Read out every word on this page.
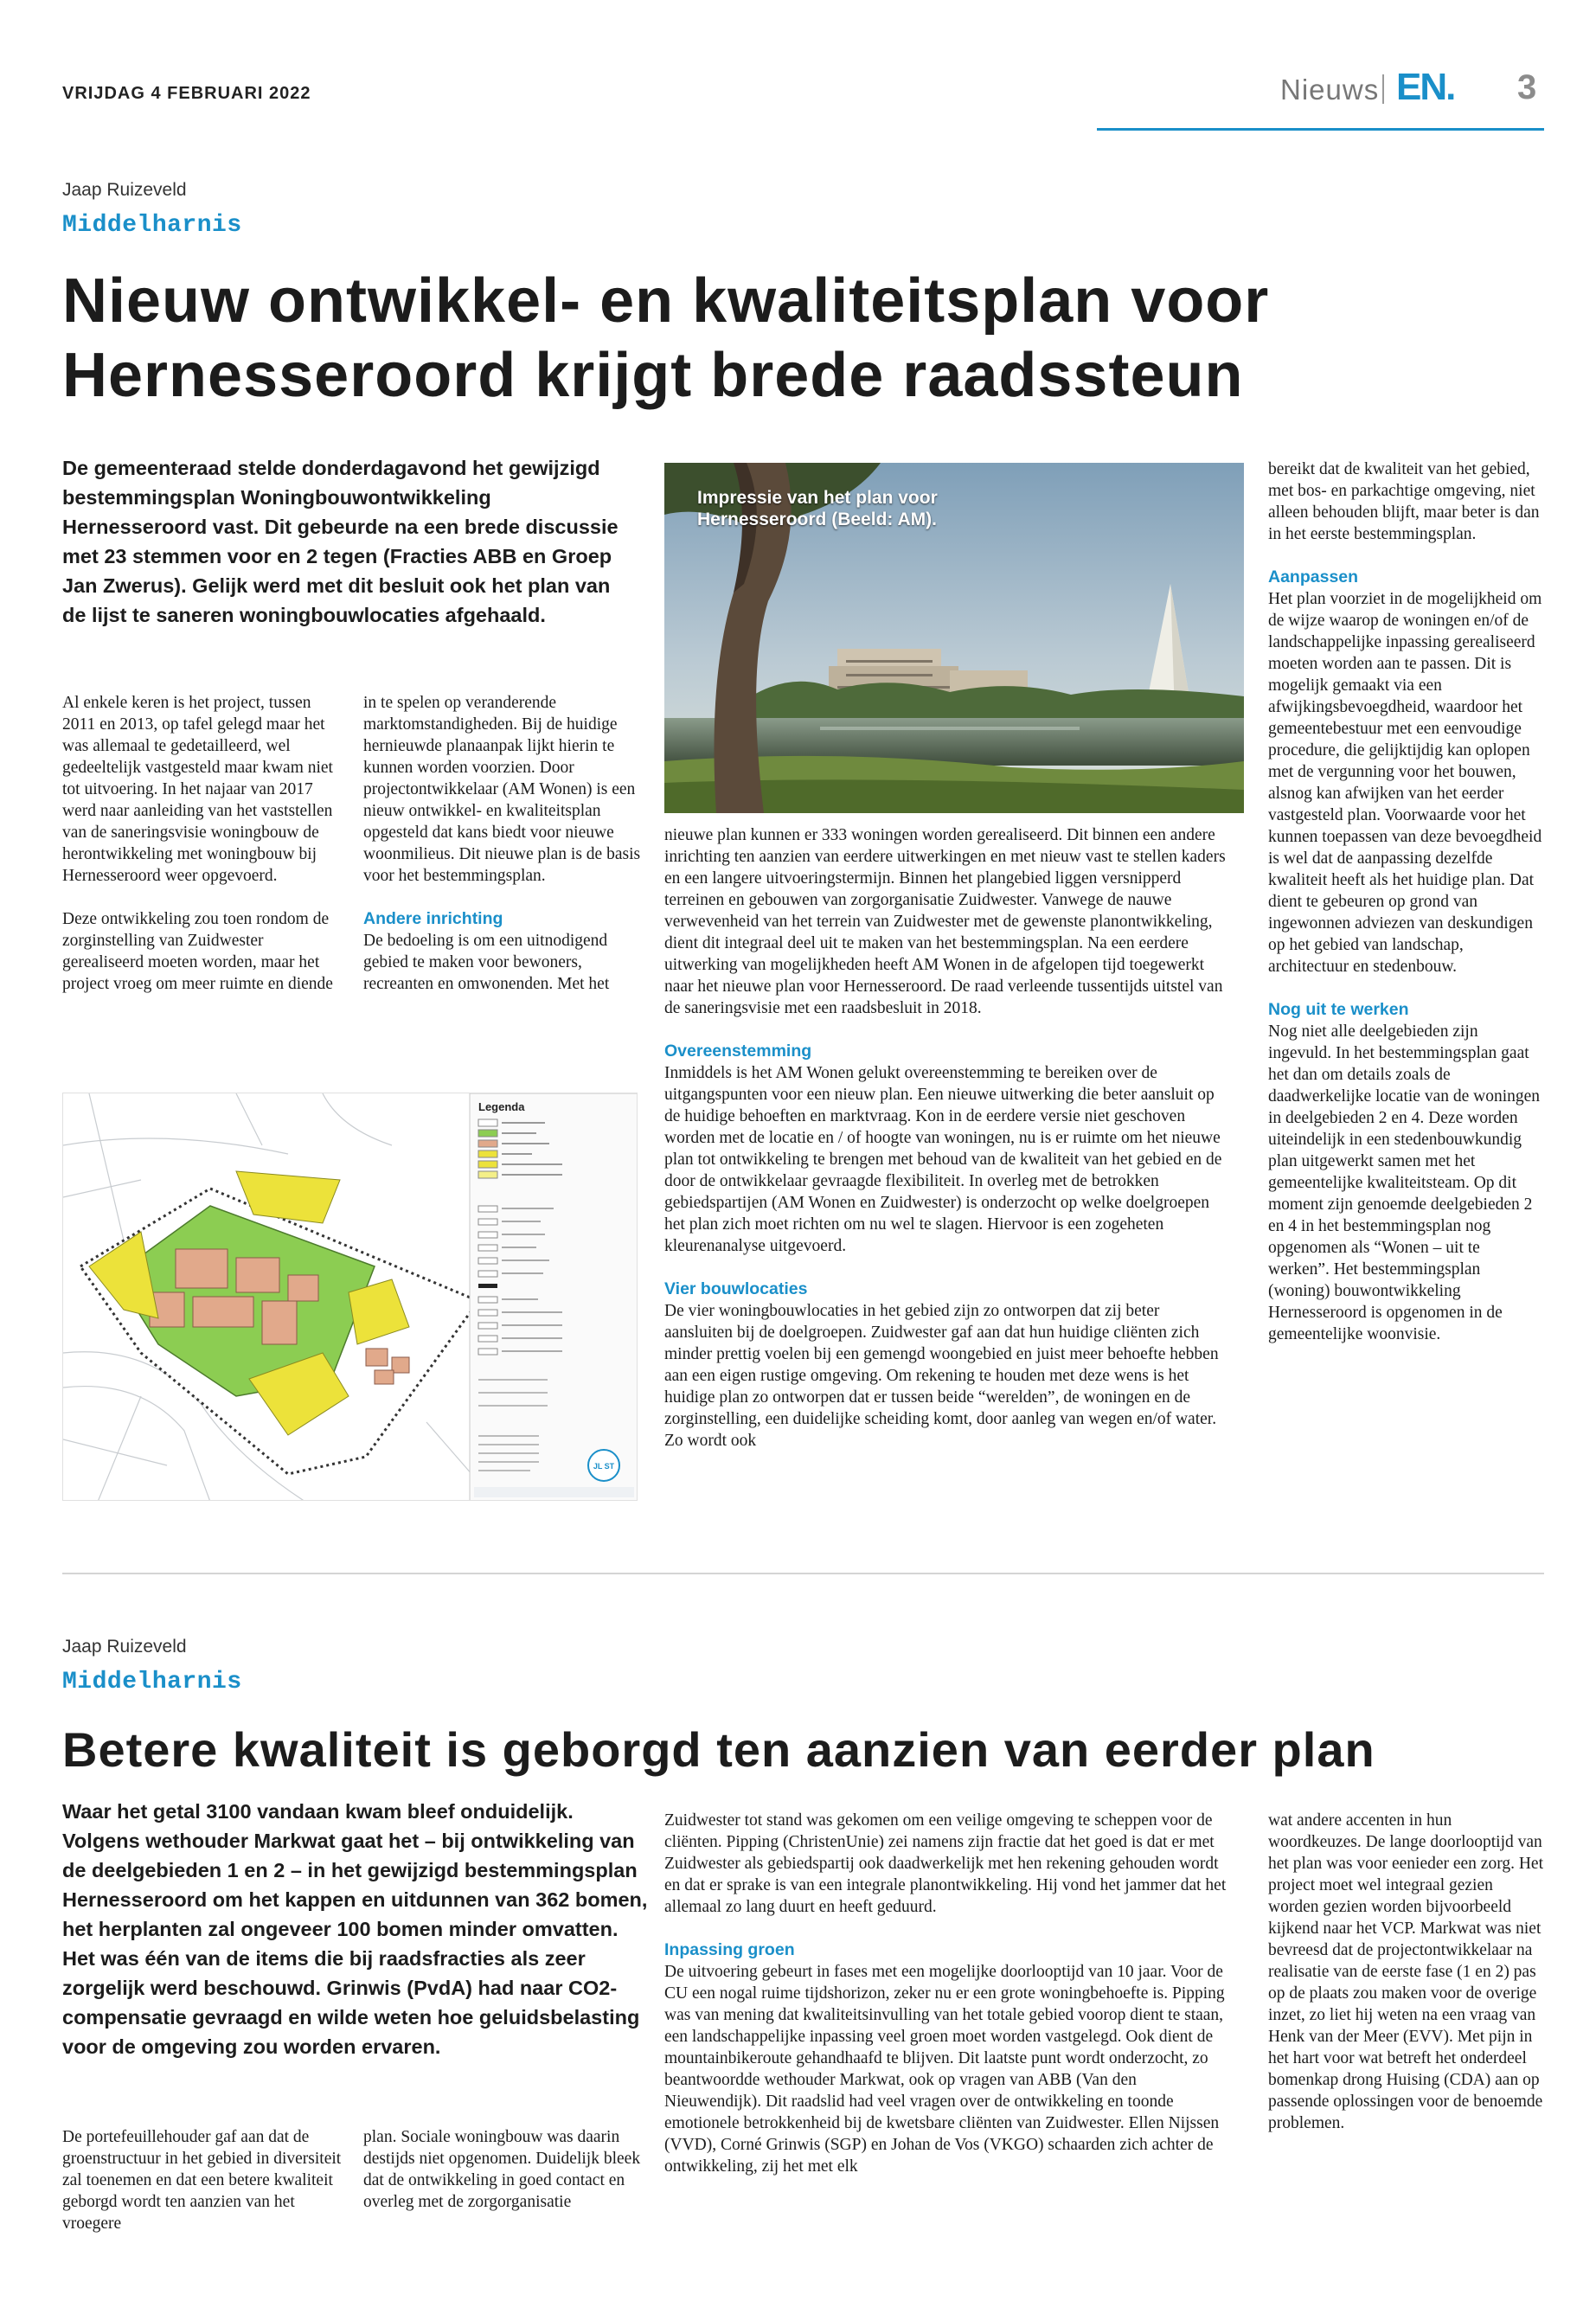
VRIJDAG 4 FEBRUARI 2022	Nieuws EN. 3
Jaap Ruizeveld
Middelharnis
Nieuw ontwikkel- en kwaliteitsplan voor
Hernesseroord krijgt brede raadssteun
De gemeenteraad stelde donderdagavond het gewijzigd bestemmingsplan Woningbouwontwikkeling Hernesseroord vast. Dit gebeurde na een brede discussie met 23 stemmen voor en 2 tegen (Fracties ABB en Groep Jan Zwerus). Gelijk werd met dit besluit ook het plan van de lijst te saneren woningbouwlocaties afgehaald.

Al enkele keren is het project, tussen 2011 en 2013, op tafel gelegd maar het was allemaal te gedetailleerd, wel gedeeltelijk vastgesteld maar kwam niet tot uitvoering. In het najaar van 2017 werd naar aanleiding van het vaststellen van de saneringsvisie woningbouw de herontwikkeling met woningbouw bij Hernesseroord weer opgevoerd.

Deze ontwikkeling zou toen rondom de zorginstelling van Zuidwester gerealiseerd moeten worden, maar het project vroeg om meer ruimte en diende

in te spelen op veranderende marktomstandigheden. Bij de huidige hernieuwde planaanpak lijkt hierin te kunnen worden voorzien. Door projectontwikkelaar (AM Wonen) is een nieuw ontwikkel- en kwaliteitsplan opgesteld dat kans biedt voor nieuwe woonmilieus. Dit nieuwe plan is de basis voor het bestemmingsplan.

Andere inrichting

De bedoeling is om een uitnodigend gebied te maken voor bewoners, recreanten en omwonenden. Met het

Impressie van het plan voor Hernesseroord (Beeld: AM).
Legenda
JL ST

nieuwe plan kunnen er 333 woningen worden gerealiseerd. Dit binnen een andere inrichting ten aanzien van eerdere uitwerkingen en met nieuw vast te stellen kaders en een langere uitvoeringstermijn. Binnen het plangebied liggen versnipperd terreinen en gebouwen van zorgorganisatie Zuidwester. Vanwege de nauwe verwevenheid van het terrein van Zuidwester met de gewenste planontwikkeling, dient dit integraal deel uit te maken van het bestemmingsplan. Na een eerdere uitwerking van mogelijkheden heeft AM Wonen in de afgelopen tijd toegewerkt naar het nieuwe plan voor Hernesseroord. De raad verleende tussentijds uitstel van de saneringsvisie met een raadsbesluit in 2018.

Overeenstemming

Inmiddels is het AM Wonen gelukt overeenstemming te bereiken over de uitgangspunten voor een nieuw plan. Een nieuwe uitwerking die beter aansluit op de huidige behoeften en marktvraag. Kon in de eerdere versie niet geschoven worden met de locatie en / of hoogte van woningen, nu is er ruimte om het nieuwe plan tot ontwikkeling te brengen met behoud van de kwaliteit van het gebied en de door de ontwikkelaar gevraagde flexibiliteit. In overleg met de betrokken gebiedspartijen (AM Wonen en Zuidwester) is onderzocht op welke doelgroepen het plan zich moet richten om nu wel te slagen. Hiervoor is een zogeheten kleurenanalyse uitgevoerd.

Vier bouwlocaties

De vier woningbouwlocaties in het gebied zijn zo ontworpen dat zij beter aansluiten bij de doelgroepen. Zuidwester gaf aan dat hun huidige cliënten zich minder prettig voelen bij een gemengd woongebied en juist meer behoefte hebben aan een eigen rustige omgeving. Om rekening te houden met deze wens is het huidige plan zo ontworpen dat er tussen beide “werelden”, de woningen en de zorginstelling, een duidelijke scheiding komt, door aanleg van wegen en/of water. Zo wordt ook

bereikt dat de kwaliteit van het gebied, met bos- en parkachtige omgeving, niet alleen behouden blijft, maar beter is dan in het eerste bestemmingsplan.

Aanpassen

Het plan voorziet in de mogelijkheid om de wijze waarop de woningen en/of de landschappelijke inpassing gerealiseerd moeten worden aan te passen. Dit is mogelijk gemaakt via een afwijkingsbevoegdheid, waardoor het gemeentebestuur met een eenvoudige procedure, die gelijktijdig kan oplopen met de vergunning voor het bouwen, alsnog kan afwijken van het eerder vastgesteld plan. Voorwaarde voor het kunnen toepassen van deze bevoegdheid is wel dat de aanpassing dezelfde kwaliteit heeft als het huidige plan. Dat dient te gebeuren op grond van ingewonnen adviezen van deskundigen op het gebied van landschap, architectuur en stedenbouw.

Nog uit te werken

Nog niet alle deelgebieden zijn ingevuld. In het bestemmingsplan gaat het dan om details zoals de daadwerkelijke locatie van de woningen in deelgebieden 2 en 4. Deze worden uiteindelijk in een stedenbouwkundig plan uitgewerkt samen met het gemeentelijke kwaliteitsteam. Op dit moment zijn genoemde deelgebieden 2 en 4 in het bestemmingsplan nog opgenomen als “Wonen – uit te werken”. Het bestemmingsplan (woning) bouwontwikkeling Hernesseroord is opgenomen in de gemeentelijke woonvisie.

Jaap Ruizeveld
Middelharnis
Betere kwaliteit is geborgd ten aanzien van eerder plan
Waar het getal 3100 vandaan kwam bleef onduidelijk. Volgens wethouder Markwat gaat het – bij ontwikkeling van de deelgebieden 1 en 2 – in het gewijzigd bestemmingsplan Hernesseroord om het kappen en uitdunnen van 362 bomen, het herplanten zal ongeveer 100 bomen minder omvatten. Het was één van de items die bij raadsfracties als zeer zorgelijk werd beschouwd. Grinwis (PvdA) had naar CO2-compensatie gevraagd en wilde weten hoe geluidsbelasting voor de omgeving zou worden ervaren.

De portefeuillehouder gaf aan dat de groenstructuur in het gebied in diversiteit zal toenemen en dat een betere kwaliteit geborgd wordt ten aanzien van het vroegere

plan. Sociale woningbouw was daarin destijds niet opgenomen. Duidelijk bleek dat de ontwikkeling in goed contact en overleg met de zorgorganisatie

Zuidwester tot stand was gekomen om een veilige omgeving te scheppen voor de cliënten. Pipping (ChristenUnie) zei namens zijn fractie dat het goed is dat er met Zuidwester als gebiedspartij ook daadwerkelijk met hen rekening gehouden wordt en dat er sprake is van een integrale planontwikkeling. Hij vond het jammer dat het allemaal zo lang duurt en heeft geduurd.

Inpassing groen

De uitvoering gebeurt in fases met een mogelijke doorlooptijd van 10 jaar. Voor de CU een nogal ruime tijdshorizon, zeker nu er een grote woningbehoefte is. Pipping was van mening dat kwaliteitsinvulling van het totale gebied voorop dient te staan, een landschappelijke inpassing veel groen moet worden vastgelegd. Ook dient de mountainbikeroute gehandhaafd te blijven. Dit laatste punt wordt onderzocht, zo beantwoordde wethouder Markwat, ook op vragen van ABB (Van den Nieuwendijk). Dit raadslid had veel vragen over de ontwikkeling en toonde emotionele betrokkenheid bij de kwetsbare cliënten van Zuidwester. Ellen Nijssen (VVD), Corné Grinwis (SGP) en Johan de Vos (VKGO) schaarden zich achter de ontwikkeling, zij het met elk

wat andere accenten in hun woordkeuzes. De lange doorlooptijd van het plan was voor eenieder een zorg. Het project moet wel integraal gezien worden gezien worden bijvoorbeeld kijkend naar het VCP. Markwat was niet bevreesd dat de projectontwikkelaar na realisatie van de eerste fase (1 en 2) pas op de plaats zou maken voor de overige inzet, zo liet hij weten na een vraag van Henk van der Meer (EVV). Met pijn in het hart voor wat betreft het onderdeel bomenkap drong Huising (CDA) aan op passende oplossingen voor de benoemde problemen.
